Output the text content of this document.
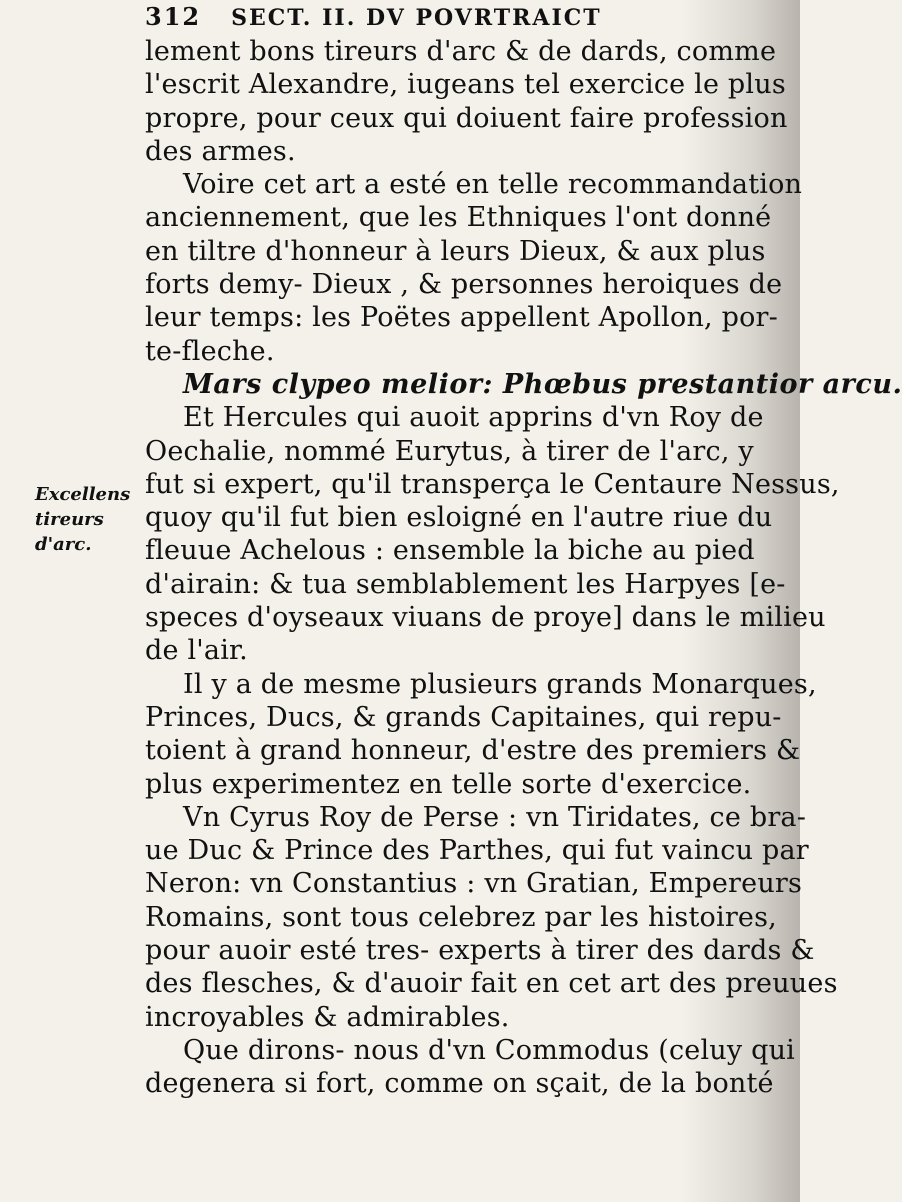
312 SECT. II. DV POVRTRAICT
Excellens
tireurs
d'arc.
lement bons tireurs d'arc & de dards, comme
l'escrit Alexandre, iugeans tel exercice le plus
propre, pour ceux qui doiuent faire profession
des armes.
Voire cet art a esté en telle recommandation
anciennement, que les Ethniques l'ont donné
en tiltre d'honneur à leurs Dieux, & aux plus
forts demy- Dieux , & personnes heroiques de
leur temps: les Poëtes appellent Apollon, por-
te-fleche.
Mars clypeo melior: Phœbus prestantior arcu.
Et Hercules qui auoit apprins d'vn Roy de
Oechalie, nommé Eurytus, à tirer de l'arc, y
fut si expert, qu'il transperça le Centaure Nessus,
quoy qu'il fut bien esloigné en l'autre riue du
fleuue Achelous : ensemble la biche au pied
d'airain: & tua semblablement les Harpyes [e-
speces d'oyseaux viuans de proye] dans le milieu
de l'air.
Il y a de mesme plusieurs grands Monarques,
Princes, Ducs, & grands Capitaines, qui repu-
toient à grand honneur, d'estre des premiers &
plus experimentez en telle sorte d'exercice.
Vn Cyrus Roy de Perse : vn Tiridates, ce bra-
ue Duc & Prince des Parthes, qui fut vaincu par
Neron: vn Constantius : vn Gratian, Empereurs
Romains, sont tous celebrez par les histoires,
pour auoir esté tres- experts à tirer des dards &
des flesches, & d'auoir fait en cet art des preuues
incroyables & admirables.
Que dirons- nous d'vn Commodus (celuy qui
degenera si fort, comme on sçait, de la bonté
